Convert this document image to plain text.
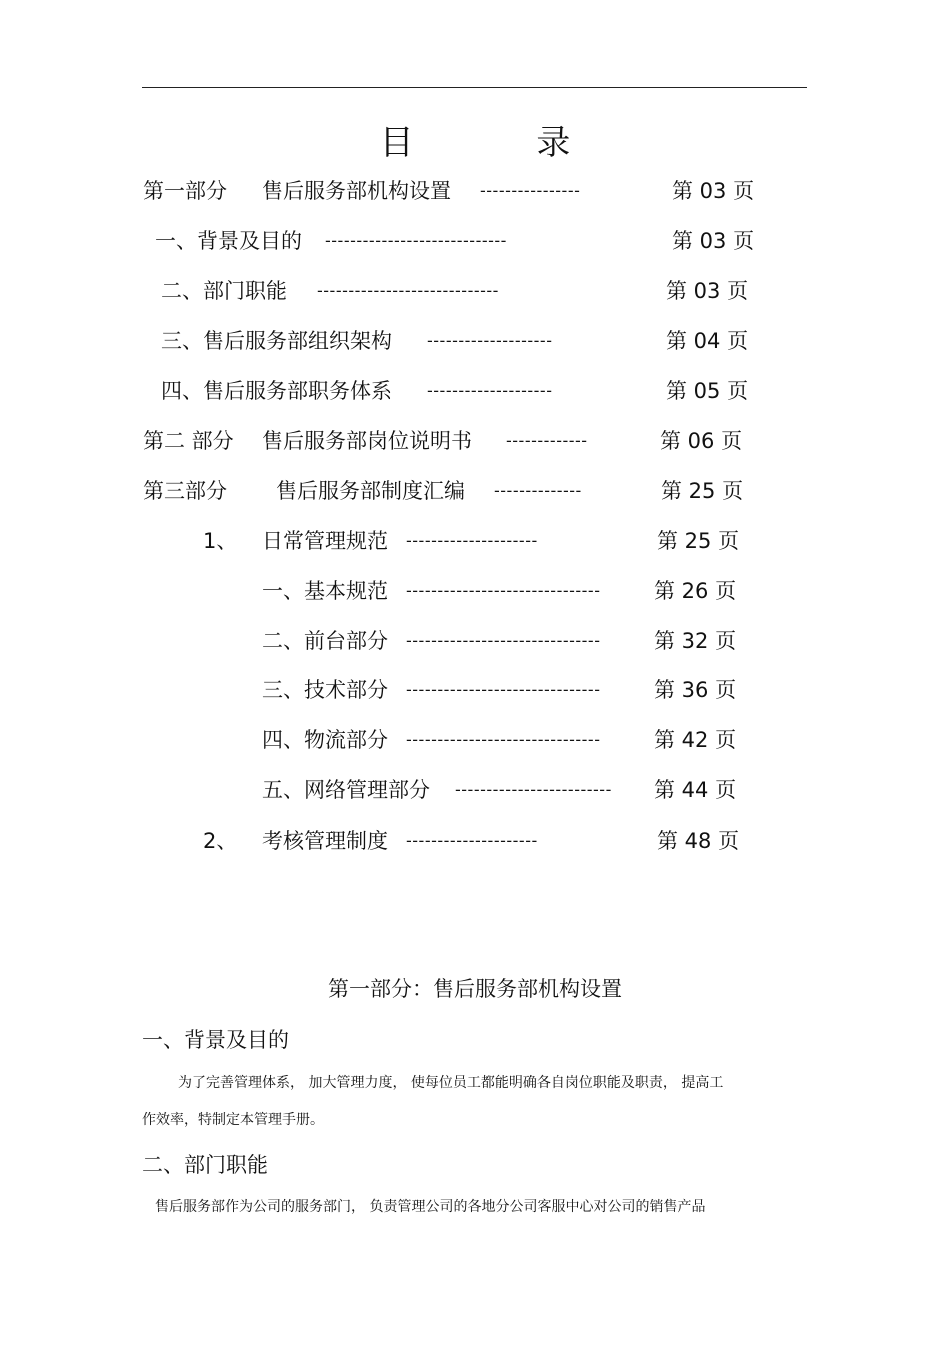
目 录
第一部分 售后服务部机构设置 ----------------	第 03 页
一、背景及目的 -----------------------------	第 03 页
二、部门职能 -----------------------------	第 03 页
三、售后服务部组织架构 --------------------	第 04 页
四、售后服务部职务体系 --------------------	第 05 页
第二 部分 售后服务部岗位说明书 -------------	第 06 页
第三部分 售后服务部制度汇编 --------------	第 25 页
1、 日常管理规范 ---------------------	第 25 页
一、基本规范 -------------------------------	第 26 页
二、前台部分 -------------------------------	第 32 页
三、技术部分 -------------------------------	第 36 页
四、物流部分 -------------------------------	第 42 页
五、网络管理部分 ------------------------- 第 44 页
2、 考核管理制度 ---------------------	第 48 页
第一部分：售后服务部机构设置
一、背景及目的
为了完善管理体系， 加大管理力度， 使每位员工都能明确各自岗位职能及职责， 提高工
作效率，特制定本管理手册。
二、部门职能
售后服务部作为公司的服务部门， 负责管理公司的各地分公司客服中心对公司的销售产品
